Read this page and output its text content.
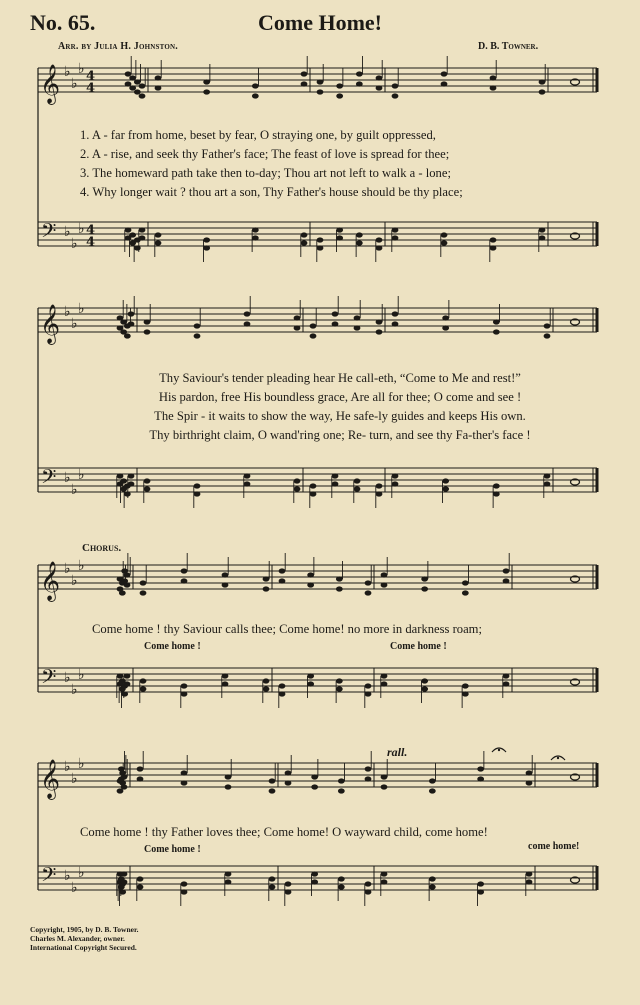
No. 65.	Come Home!
Arr. by Julia H. Johnston.	D. B. Towner.
𝄞 ♭
♭
♭ 4
4
𝄢 ♭
♭
♭ 4
4
𝄞 ♭
♭
♭
𝄢 ♭
♭
♭
𝄞 ♭
♭
♭
𝄢 ♭
♭
♭
𝄞 ♭
♭
♭
𝄢 ♭
♭
♭
1. A - far from home, beset by fear, O straying one, by guilt oppressed,
2. A - rise, and seek thy Father's face; The feast of love is spread for thee;
3. The homeward path take then to-day; Thou art not left to walk a - lone;
4. Why longer wait ? thou art a son, Thy Father's house should be thy place;
Thy Saviour's tender pleading hear He call-eth, “Come to Me and rest!”
His pardon, free His boundless grace, Are all for thee; O come and see !
The Spir - it waits to show the way, He safe-ly guides and keeps His own.
Thy birthright claim, O wand'ring one; Re- turn, and see thy Fa-ther's face !
Chorus.
Come home ! thy Saviour calls thee; Come home! no more in darkness roam;
Come home !	Come home !
rall.
Come home ! thy Father loves thee; Come home! O wayward child, come home!
Come home !	come home!
Copyright, 1905, by D. B. Towner.
Charles M. Alexander, owner.
International Copyright Secured.
